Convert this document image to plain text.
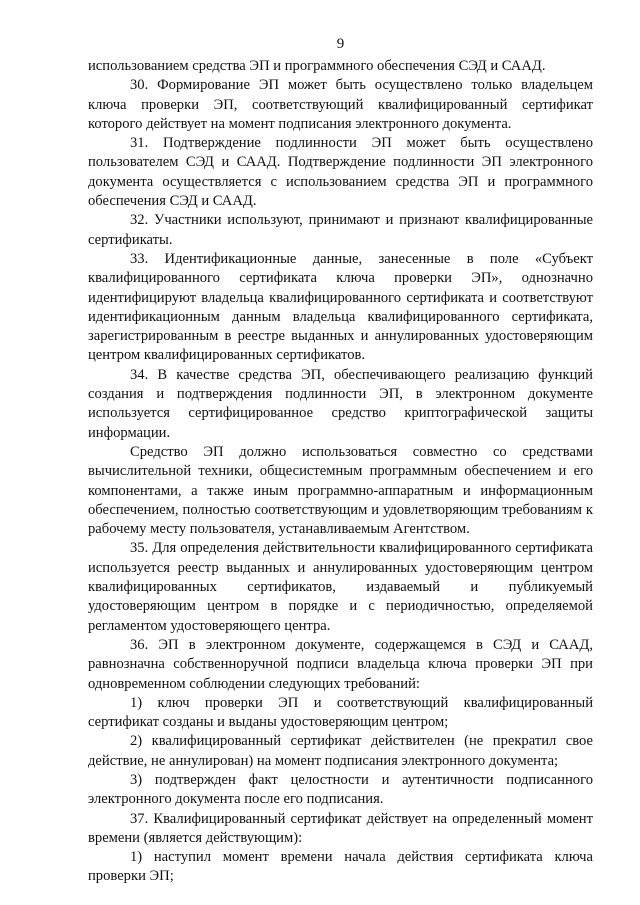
9

использованием средства ЭП и программного обеспечения СЭД и СААД.

30. Формирование ЭП может быть осуществлено только владельцем ключа проверки ЭП, соответствующий квалифицированный сертификат которого действует на момент подписания электронного документа.

31. Подтверждение подлинности ЭП может быть осуществлено пользователем СЭД и СААД. Подтверждение подлинности ЭП электронного документа осуществляется с использованием средства ЭП и программного обеспечения СЭД и СААД.

32. Участники используют, принимают и признают квалифицированные сертификаты.

33. Идентификационные данные, занесенные в поле «Субъект квалифицированного сертификата ключа проверки ЭП», однозначно идентифицируют владельца квалифицированного сертификата и соответствуют идентификационным данным владельца квалифицированного сертификата, зарегистрированным в реестре выданных и аннулированных удостоверяющим центром квалифицированных сертификатов.

34. В качестве средства ЭП, обеспечивающего реализацию функций создания и подтверждения подлинности ЭП, в электронном документе используется сертифицированное средство криптографической защиты информации.

Средство ЭП должно использоваться совместно со средствами вычислительной техники, общесистемным программным обеспечением и его компонентами, а также иным программно-аппаратным и информационным обеспечением, полностью соответствующим и удовлетворяющим требованиям к рабочему месту пользователя, устанавливаемым Агентством.

35. Для определения действительности квалифицированного сертификата используется реестр выданных и аннулированных удостоверяющим центром квалифицированных сертификатов, издаваемый и публикуемый удостоверяющим центром в порядке и с периодичностью, определяемой регламентом удостоверяющего центра.

36. ЭП в электронном документе, содержащемся в СЭД и СААД, равнозначна собственноручной подписи владельца ключа проверки ЭП при одновременном соблюдении следующих требований:

1) ключ проверки ЭП и соответствующий квалифицированный сертификат созданы и выданы удостоверяющим центром;

2) квалифицированный сертификат действителен (не прекратил свое действие, не аннулирован) на момент подписания электронного документа;

3) подтвержден факт целостности и аутентичности подписанного электронного документа после его подписания.

37. Квалифицированный сертификат действует на определенный момент времени (является действующим):

1) наступил момент времени начала действия сертификата ключа проверки ЭП;
